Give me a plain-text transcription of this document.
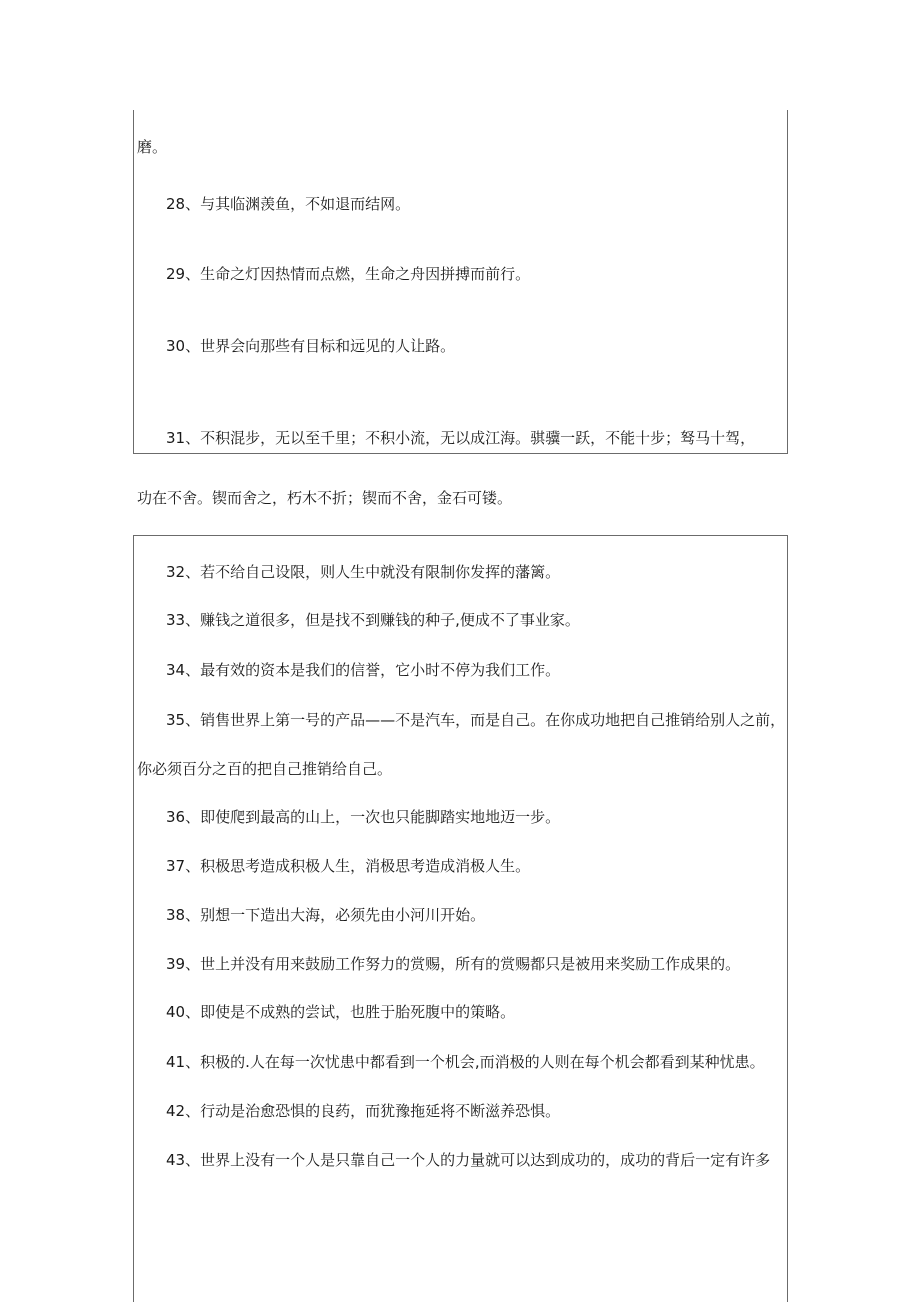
磨。
28、与其临渊羡鱼，不如退而结网。
29、生命之灯因热情而点燃，生命之舟因拼搏而前行。
30、世界会向那些有目标和远见的人让路。
31、不积混步，无以至千里；不积小流，无以成江海。骐骥一跃，不能十步；驽马十驾，
功在不舍。锲而舍之，朽木不折；锲而不舍，金石可镂。
32、若不给自己设限，则人生中就没有限制你发挥的藩篱。
33、赚钱之道很多，但是找不到赚钱的种子,便成不了事业家。
34、最有效的资本是我们的信誉，它小时不停为我们工作。
35、销售世界上第一号的产品——不是汽车，而是自己。在你成功地把自己推销给别人之前，
你必须百分之百的把自己推销给自己。
36、即使爬到最高的山上，一次也只能脚踏实地地迈一步。
37、积极思考造成积极人生，消极思考造成消极人生。
38、别想一下造出大海，必须先由小河川开始。
39、世上并没有用来鼓励工作努力的赏赐，所有的赏赐都只是被用来奖励工作成果的。
40、即使是不成熟的尝试，也胜于胎死腹中的策略。
41、积极的.人在每一次忧患中都看到一个机会,而消极的人则在每个机会都看到某种忧患。
42、行动是治愈恐惧的良药，而犹豫拖延将不断滋养恐惧。
43、世界上没有一个人是只靠自己一个人的力量就可以达到成功的，成功的背后一定有许多
